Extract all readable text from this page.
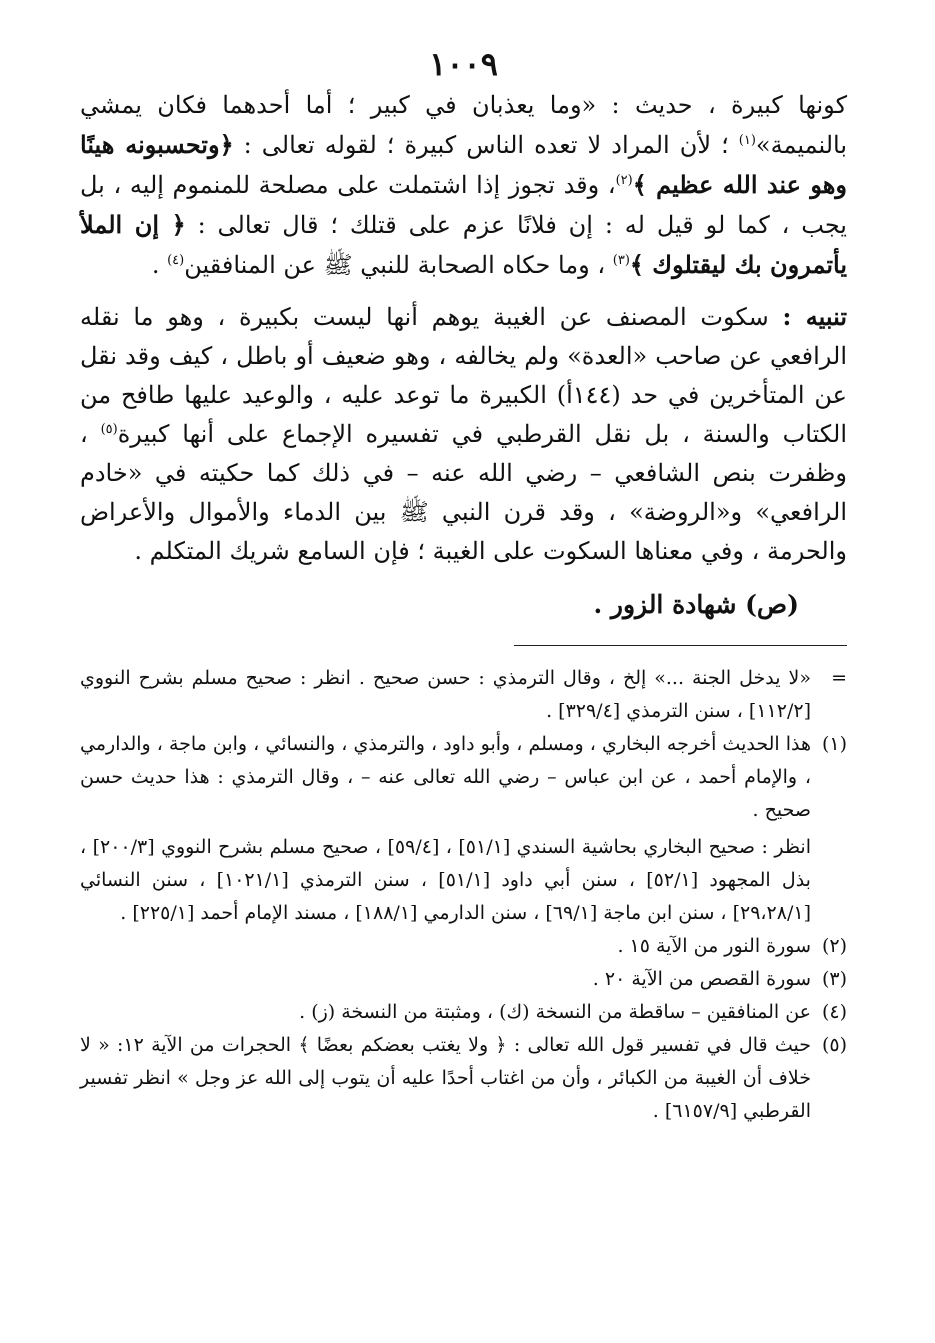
١٠٠٩

كونها كبيرة ، حديث : «وما يعذبان في كبير ؛ أما أحدهما فكان يمشي بالنميمة»$^{(١)}$ ؛ لأن المراد لا تعده الناس كبيرة ؛ لقوله تعالى : ﴿وتحسبونه هينًا وهو عند الله عظيم ﴾$^{(٢)}$، وقد تجوز إذا اشتملت على مصلحة للمنموم إليه ، بل يجب ، كما لو قيل له : إن فلانًا عزم على قتلك ؛ قال تعالى : ﴿ إن الملأ يأتمرون بك ليقتلوك ﴾$^{(٣)}$ ، وما حكاه الصحابة للنبي ﷺ عن المنافقين$^{(٤)}$ .

تنبيه : سكوت المصنف عن الغيبة يوهم أنها ليست بكبيرة ، وهو ما نقله الرافعي عن صاحب «العدة» ولم يخالفه ، وهو ضعيف أو باطل ، كيف وقد نقل عن المتأخرين في حد (١٤٤أ) الكبيرة ما توعد عليه ، والوعيد عليها طافح من الكتاب والسنة ، بل نقل القرطبي في تفسيره الإجماع على أنها كبيرة$^{(٥)}$ ، وظفرت بنص الشافعي – رضي الله عنه – في ذلك كما حكيته في «خادم الرافعي» و«الروضة» ، وقد قرن النبي ﷺ بين الدماء والأموال والأعراض والحرمة ، وفي معناها السكوت على الغيبة ؛ فإن السامع شريك المتكلم .

(ص) شهادة الزور .
=

«لا يدخل الجنة ...» إلخ ، وقال الترمذي : حسن صحيح . انظر : صحيح مسلم بشرح النووي [١١٢/٢] ، سنن الترمذي [٣٢٩/٤] .

(١)

هذا الحديث أخرجه البخاري ، ومسلم ، وأبو داود ، والترمذي ، والنسائي ، وابن ماجة ، والدارمي ، والإمام أحمد ، عن ابن عباس – رضي الله تعالى عنه – ، وقال الترمذي : هذا حديث حسن صحيح .

انظر : صحيح البخاري بحاشية السندي [٥١/١] ، [٥٩/٤] ، صحيح مسلم بشرح النووي [٢٠٠/٣] ، بذل المجهود [٥٢/١] ، سنن أبي داود [٥١/١] ، سنن الترمذي [١٠٢١/١] ، سنن النسائي [٢٩،٢٨/١] ، سنن ابن ماجة [٦٩/١] ، سنن الدارمي [١٨٨/١] ، مسند الإمام أحمد [٢٢٥/١] .

(٢)

سورة النور من الآية ١٥ .

(٣)

سورة القصص من الآية ٢٠ .

(٤)

عن المنافقين – ساقطة من النسخة (ك) ، ومثبتة من النسخة (ز) .

(٥)

حيث قال في تفسير قول الله تعالى : ﴿ ولا يغتب بعضكم بعضًا ﴾ الحجرات من الآية ١٢: « لا خلاف أن الغيبة من الكبائر ، وأن من اغتاب أحدًا عليه أن يتوب إلى الله عز وجل » انظر تفسير القرطبي [٦١٥٧/٩] .
